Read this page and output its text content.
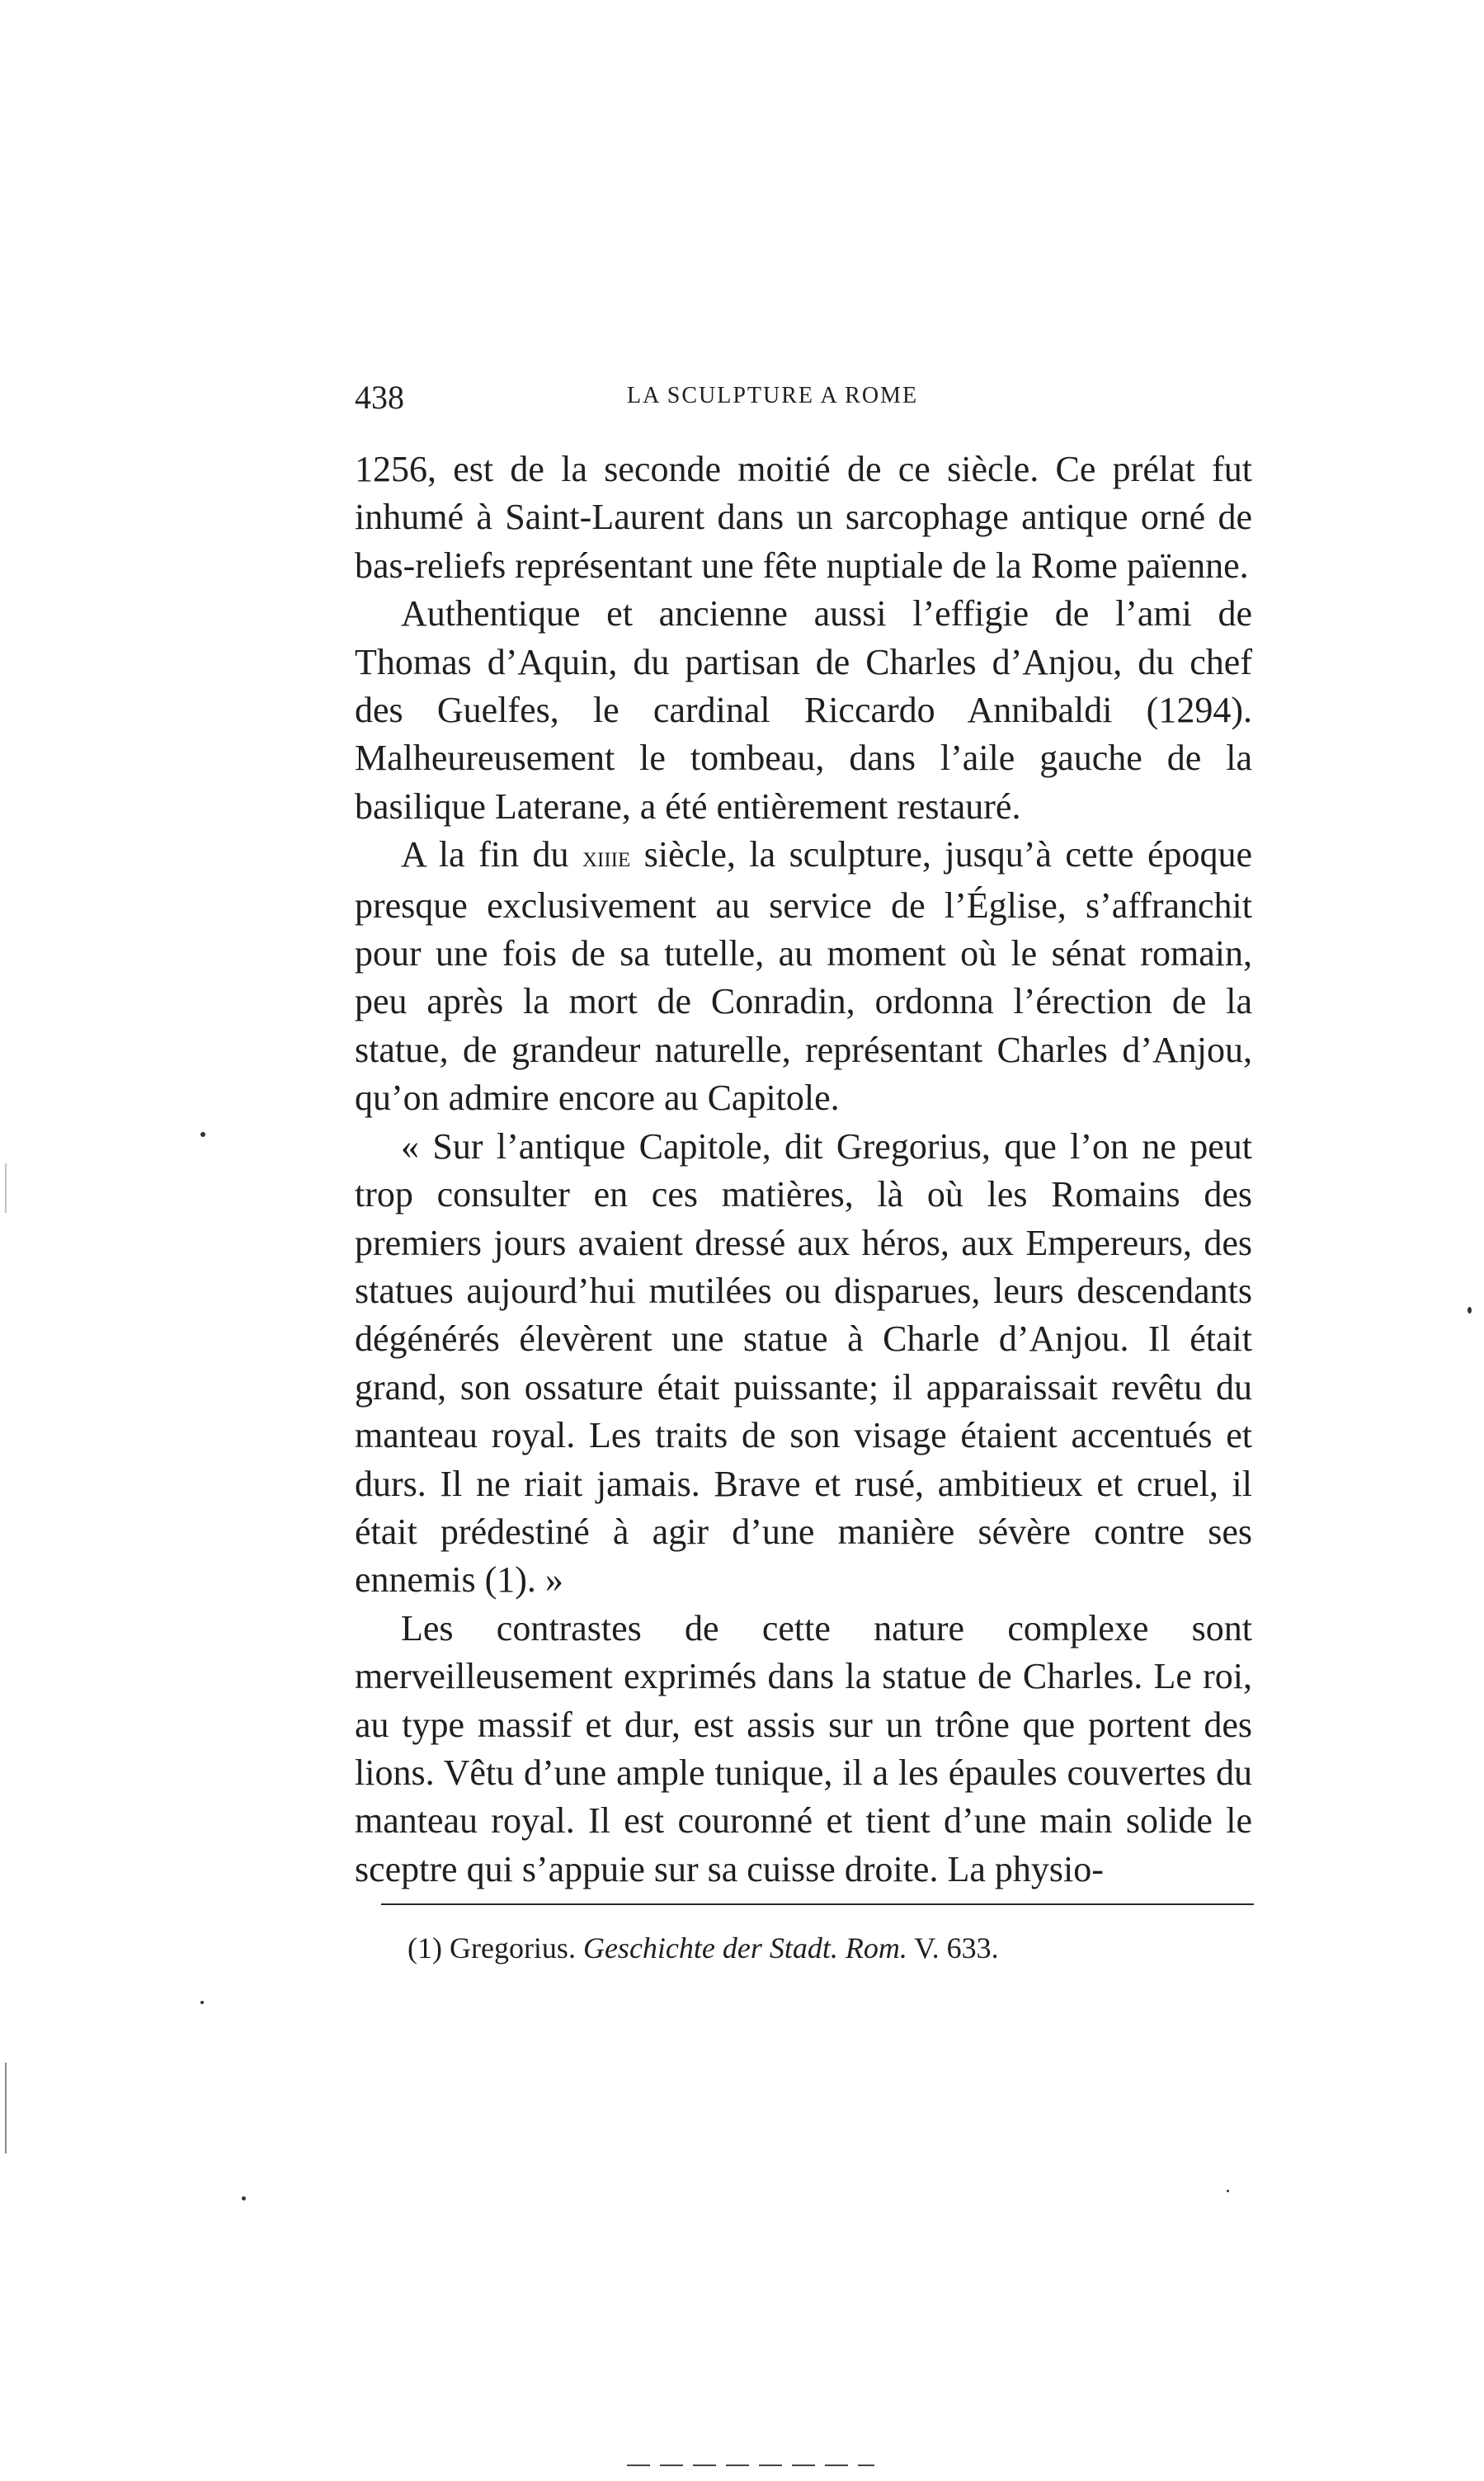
438	LA SCULPTURE A ROME

1256, est de la seconde moitié de ce siècle. Ce prélat fut inhumé à Saint-Laurent dans un sarcophage antique orné de bas-reliefs représentant une fête nuptiale de la Rome païenne.

Authentique et ancienne aussi l’effigie de l’ami de Thomas d’Aquin, du partisan de Charles d’Anjou, du chef des Guelfes, le cardinal Riccardo Annibaldi (1294). Malheureusement le tombeau, dans l’aile gauche de la basilique Laterane, a été entièrement restauré.

A la fin du xiiie siècle, la sculpture, jusqu’à cette époque presque exclusivement au service de l’Église, s’affranchit pour une fois de sa tutelle, au moment où le sénat romain, peu après la mort de Conradin, ordonna l’érection de la statue, de grandeur naturelle, représentant Charles d’Anjou, qu’on admire encore au Capitole.

« Sur l’antique Capitole, dit Gregorius, que l’on ne peut trop consulter en ces matières, là où les Romains des premiers jours avaient dressé aux héros, aux Empereurs, des statues aujourd’hui mutilées ou disparues, leurs descendants dégénérés élevèrent une statue à Charle d’Anjou. Il était grand, son ossature était puissante; il apparaissait revêtu du manteau royal. Les traits de son visage étaient accentués et durs. Il ne riait jamais. Brave et rusé, ambitieux et cruel, il était prédestiné à agir d’une manière sévère contre ses ennemis (1). »

Les contrastes de cette nature complexe sont merveilleusement exprimés dans la statue de Charles. Le roi, au type massif et dur, est assis sur un trône que portent des lions. Vêtu d’une ample tunique, il a les épaules couvertes du manteau royal. Il est couronné et tient d’une main solide le sceptre qui s’appuie sur sa cuisse droite. La physio-

(1) Gregorius. Geschichte der Stadt. Rom. V. 633.
